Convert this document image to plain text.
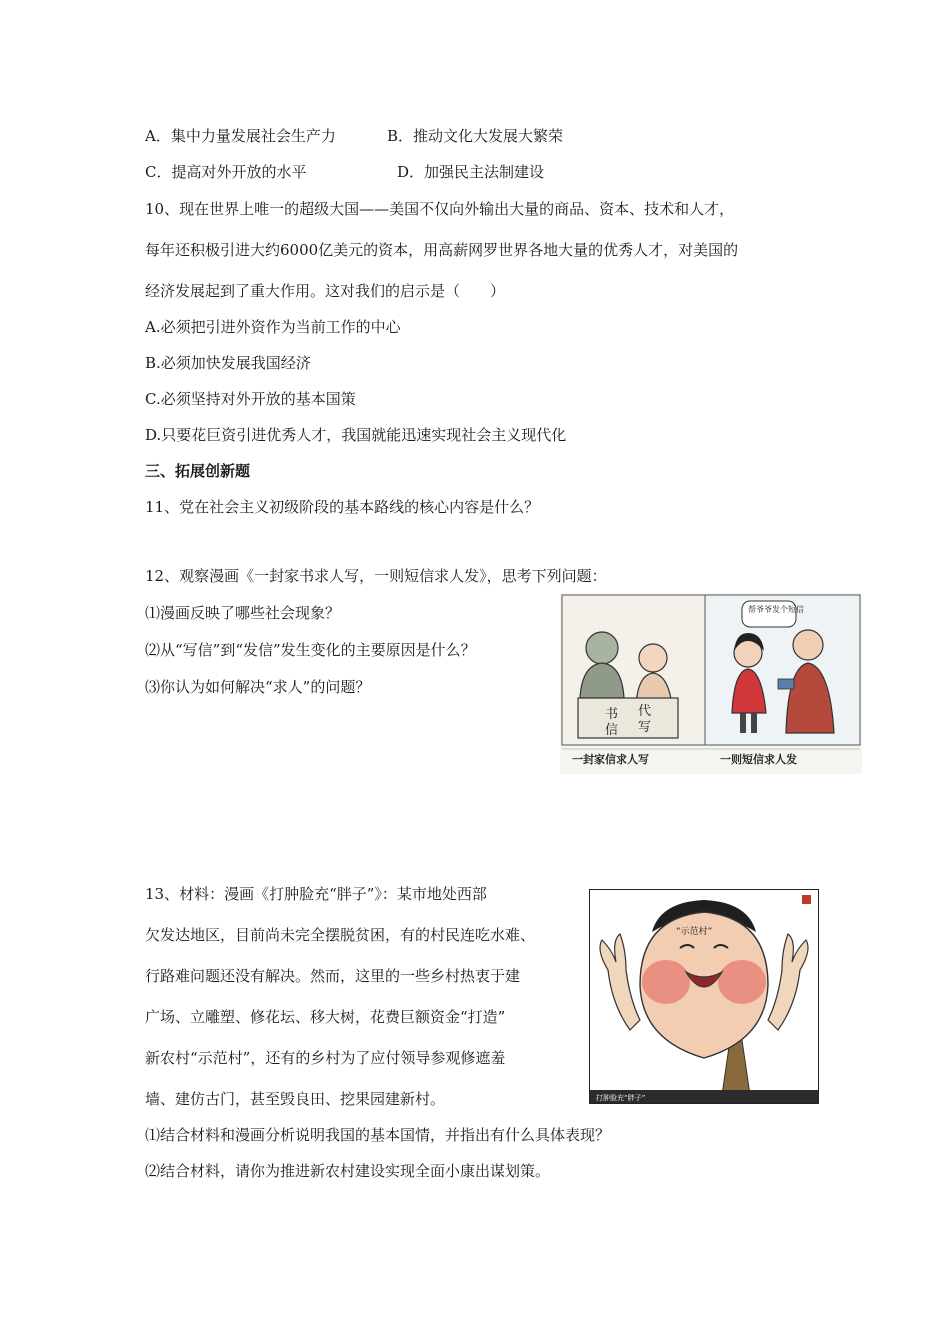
A．集中力量发展社会生产力	B．推动文化大发展大繁荣
C．提高对外开放的水平	D．加强民主法制建设
10、现在世界上唯一的超级大国——美国不仅向外输出大量的商品、资本、技术和人才，
每年还积极引进大约6000亿美元的资本，用高薪网罗世界各地大量的优秀人才，对美国的
经济发展起到了重大作用。这对我们的启示是（　　）
A.必须把引进外资作为当前工作的中心
B.必须加快发展我国经济
C.必须坚持对外开放的基本国策
D.只要花巨资引进优秀人才，我国就能迅速实现社会主义现代化
三、拓展创新题
11、党在社会主义初级阶段的基本路线的核心内容是什么？
12、观察漫画《一封家书求人写，一则短信求人发》，思考下列问题：
⑴漫画反映了哪些社会现象？
⑵从“写信”到“发信”发生变化的主要原因是什么？
⑶你认为如何解决“求人”的问题？
书
信
代
写
帮爷爷发个短信
一封家信求人写	一则短信求人发
13、材料：漫画《打肿脸充“胖子”》：某市地处西部
欠发达地区，目前尚未完全摆脱贫困，有的村民连吃水难、
行路难问题还没有解决。然而，这里的一些乡村热衷于建
广场、立雕塑、修花坛、移大树，花费巨额资金“打造”
新农村“示范村”，还有的乡村为了应付领导参观修遮羞
墙、建仿古门，甚至毁良田、挖果园建新村。
⑴结合材料和漫画分析说明我国的基本国情，并指出有什么具体表现？
⑵结合材料，请你为推进新农村建设实现全面小康出谋划策。
“示范村”
打肿脸充“胖子”
